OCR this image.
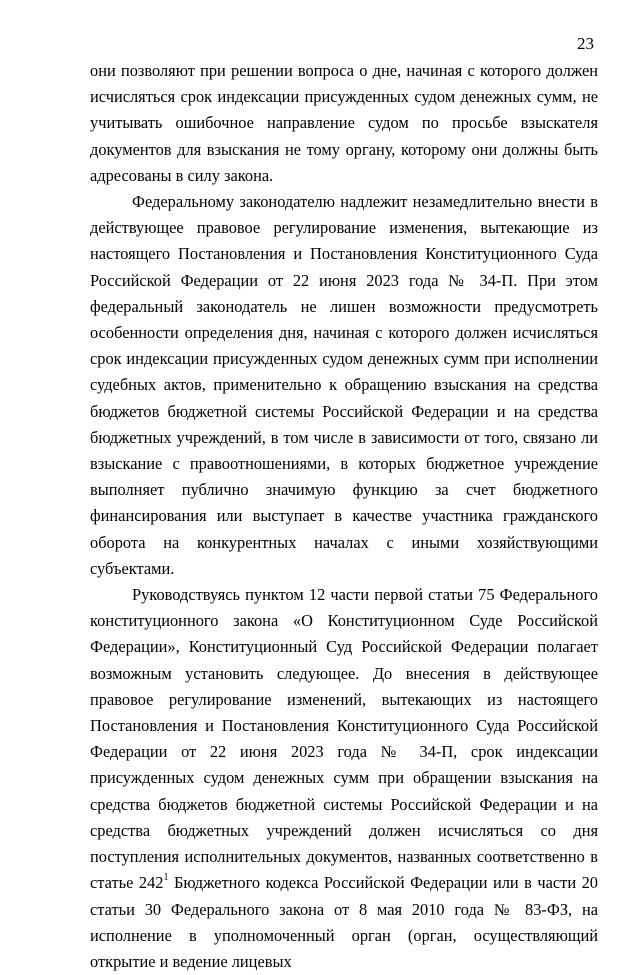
23

они позволяют при решении вопроса о дне, начиная с которого должен исчисляться срок индексации присужденных судом денежных сумм, не учитывать ошибочное направление судом по просьбе взыскателя документов для взыскания не тому органу, которому они должны быть адресованы в силу закона.

Федеральному законодателю надлежит незамедлительно внести в действующее правовое регулирование изменения, вытекающие из настоящего Постановления и Постановления Конституционного Суда Российской Федерации от 22 июня 2023 года № 34-П. При этом федеральный законодатель не лишен возможности предусмотреть особенности определения дня, начиная с которого должен исчисляться срок индексации присужденных судом денежных сумм при исполнении судебных актов, применительно к обращению взыскания на средства бюджетов бюджетной системы Российской Федерации и на средства бюджетных учреждений, в том числе в зависимости от того, связано ли взыскание с правоотношениями, в которых бюджетное учреждение выполняет публично значимую функцию за счет бюджетного финансирования или выступает в качестве участника гражданского оборота на конкурентных началах с иными хозяйствующими субъектами.

Руководствуясь пунктом 12 части первой статьи 75 Федерального конституционного закона «О Конституционном Суде Российской Федерации», Конституционный Суд Российской Федерации полагает возможным установить следующее. До внесения в действующее правовое регулирование изменений, вытекающих из настоящего Постановления и Постановления Конституционного Суда Российской Федерации от 22 июня 2023 года № 34-П, срок индексации присужденных судом денежных сумм при обращении взыскания на средства бюджетов бюджетной системы Российской Федерации и на средства бюджетных учреждений должен исчисляться со дня поступления исполнительных документов, названных соответственно в статье $242^1$ Бюджетного кодекса Российской Федерации или в части 20 статьи 30 Федерального закона от 8 мая 2010 года № 83-ФЗ, на исполнение в уполномоченный орган (орган, осуществляющий открытие и ведение лицевых
